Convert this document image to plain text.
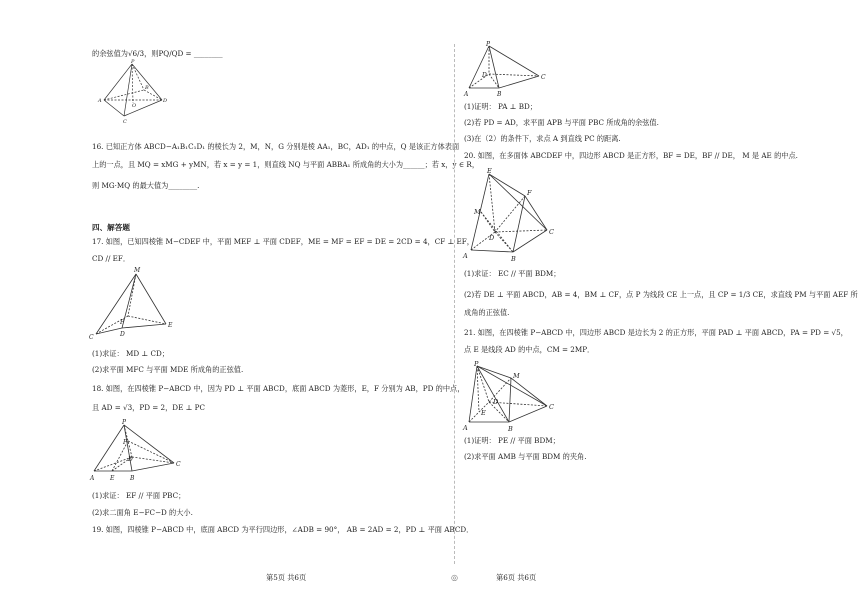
的余弦值为√6/3，则PQ/QD = ________
P
A
C
D
O
B
16. 已知正方体 ABCD−A₁B₁C₁D₁ 的棱长为 2，M，N，G 分别是棱 AA₁，BC，AD₁ 的中点，Q 是该正方体表面
上的一点，且 MQ = xMG + yMN，若 x = y = 1，则直线 NQ 与平面 ABBA₁ 所成角的大小为______；若 x，y ∈ R，
则 MG·MQ 的最大值为________.
四、解答题
17. 如图，已知四棱锥 M−CDEF 中，平面 MEF ⊥ 平面 CDEF，ME = MF = EF = DE = 2CD = 4，CF ⊥ EF，
CD // EF．
M
C	D
E
F
(1)求证： MD ⊥ CD；
(2)求平面 MFC 与平面 MDE 所成角的正弦值.
18. 如图，在四棱锥 P−ABCD 中，因为 PD ⊥ 平面 ABCD，底面 ABCD 为菱形，E，F 分别为 AB，PD 的中点，
且 AD = √3，PD = 2，DE ⊥ PC
P
F
D
C
A	E	B
(1)求证： EF // 平面 PBC；
(2)求二面角 E−FC−D 的大小.
19. 如图，四棱锥 P−ABCD 中，底面 ABCD 为平行四边形，∠ADB = 90°， AB = 2AD = 2，PD ⊥ 平面 ABCD．
第5页 共6页	◎
P
D	C
A	B
(1)证明： PA ⊥ BD；
(2)若 PD = AD，求平面 APB 与平面 PBC 所成角的余弦值.
(3)在（2）的条件下，求点 A 到直线 PC 的距离.
20. 如图，在多面体 ABCDEF 中，四边形 ABCD 是正方形，BF = DE，BF // DE， M 是 AE 的中点.
E
F
M
C
D
A	B
(1)求证： EC // 平面 BDM；
(2)若 DE ⊥ 平面 ABCD，AB = 4，BM ⊥ CF，点 P 为线段 CE 上一点，且 CP = 1/3 CE，求直线 PM 与平面 AEF 所
成角的正弦值.
21. 如图，在四棱锥 P−ABCD 中，四边形 ABCD 是边长为 2 的正方形，平面 PAD ⊥ 平面 ABCD，PA = PD = √5，
点 E 是线段 AD 的中点，CM = 2MP．
P
M
C
D
E
A	B
(1)证明： PE // 平面 BDM；
(2)求平面 AMB 与平面 BDM 的夹角.
第6页 共6页
